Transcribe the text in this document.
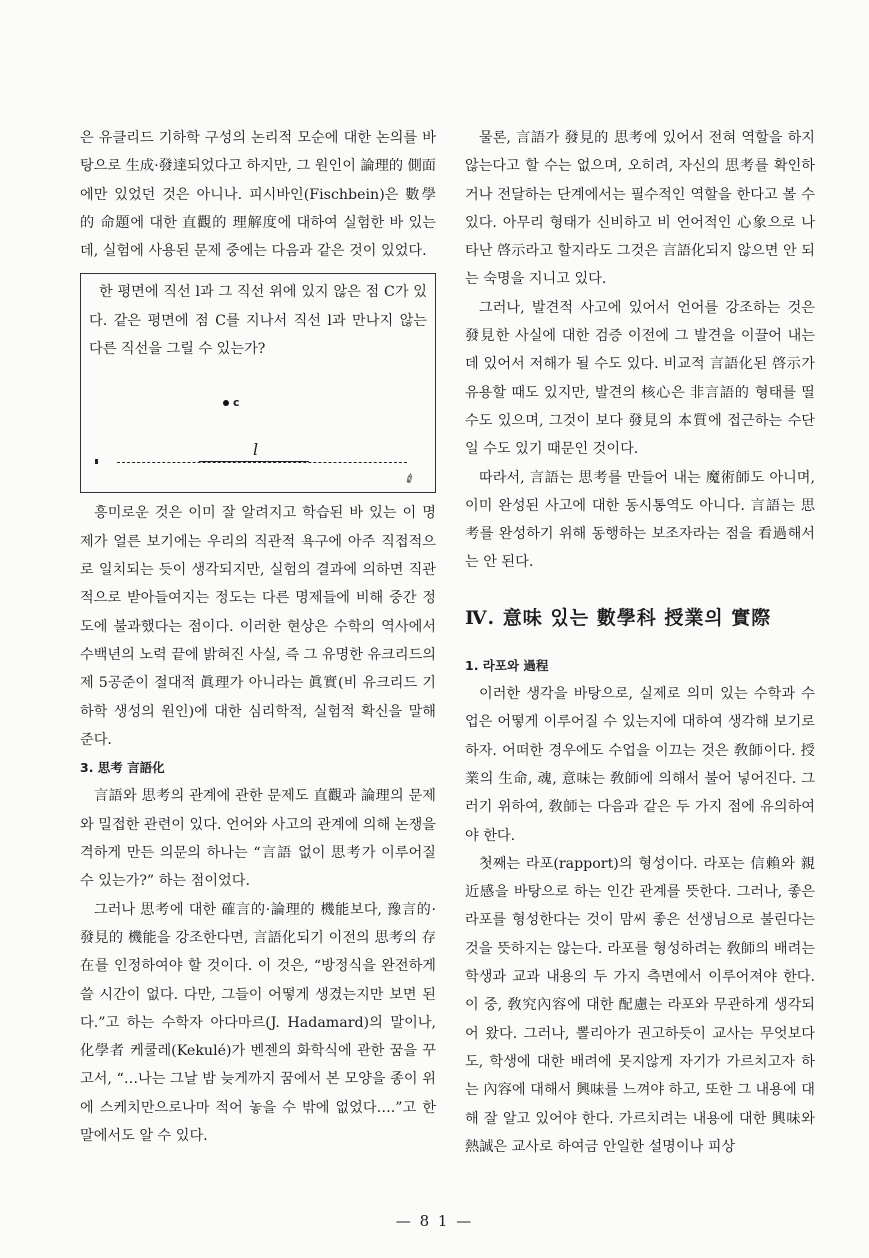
은 유클리드 기하학 구성의 논리적 모순에 대한 논의를 바탕으로 生成·發達되었다고 하지만, 그 원인이 論理的 側面에만 있었던 것은 아니나. 피시바인(Fischbein)은 數學的 命題에 대한 直觀的 理解度에 대하여 실험한 바 있는데, 실험에 사용된 문제 중에는 다음과 같은 것이 있었다.

한 평면에 직선 l과 그 직선 위에 있지 않은 점 C가 있다. 같은 평면에 점 C를 지나서 직선 l과 만나지 않는 다른 직선을 그릴 수 있는가?

c
l
✐

흥미로운 것은 이미 잘 알려지고 학습된 바 있는 이 명제가 얼른 보기에는 우리의 직관적 욕구에 아주 직접적으로 일치되는 듯이 생각되지만, 실험의 결과에 의하면 직관적으로 받아들여지는 정도는 다른 명제들에 비해 중간 정도에 불과했다는 점이다. 이러한 현상은 수학의 역사에서 수백년의 노력 끝에 밝혀진 사실, 즉 그 유명한 유크리드의 제 5공준이 절대적 眞理가 아니라는 眞實(비 유크리드 기하학 생성의 원인)에 대한 심리학적, 실험적 확신을 말해 준다.

3. 思考 言語化

言語와 思考의 관계에 관한 문제도 直觀과 論理의 문제와 밀접한 관련이 있다. 언어와 사고의 관계에 의해 논쟁을 격하게 만든 의문의 하나는 “言語 없이 思考가 이루어질 수 있는가?” 하는 점이었다.

그러나 思考에 대한 確言的·論理的 機能보다, 豫言的·發見的 機能을 강조한다면, 言語化되기 이전의 思考의 存在를 인정하여야 할 것이다. 이 것은, “방정식을 완전하게 쓸 시간이 없다. 다만, 그들이 어떻게 생겼는지만 보면 된다.”고 하는 수학자 아다마르(J. Hadamard)의 말이나, 化學者 케쿨레(Kekulé)가 벤젠의 화학식에 관한 꿈을 꾸고서, “…나는 그날 밤 늦게까지 꿈에서 본 모양을 종이 위에 스케치만으로나마 적어 놓을 수 밖에 없었다….”고 한 말에서도 알 수 있다.

물론, 言語가 發見的 思考에 있어서 전혀 역할을 하지 않는다고 할 수는 없으며, 오히려, 자신의 思考를 확인하거나 전달하는 단계에서는 필수적인 역할을 한다고 볼 수 있다. 아무리 형태가 신비하고 비 언어적인 心象으로 나타난 啓示라고 할지라도 그것은 言語化되지 않으면 안 되는 숙명을 지니고 있다.

그러나, 발견적 사고에 있어서 언어를 강조하는 것은 發見한 사실에 대한 검증 이전에 그 발견을 이끌어 내는 데 있어서 저해가 될 수도 있다. 비교적 言語化된 啓示가 유용할 때도 있지만, 발견의 核心은 非言語的 형태를 띨 수도 있으며, 그것이 보다 發見의 本質에 접근하는 수단일 수도 있기 때문인 것이다.

따라서, 言語는 思考를 만들어 내는 魔術師도 아니며, 이미 완성된 사고에 대한 동시통역도 아니다. 言語는 思考를 완성하기 위해 동행하는 보조자라는 점을 看過해서는 안 된다.

Ⅳ. 意味 있는 數學科 授業의 實際
1. 라포와 過程

이러한 생각을 바탕으로, 실제로 의미 있는 수학과 수업은 어떻게 이루어질 수 있는지에 대하여 생각해 보기로 하자. 어떠한 경우에도 수업을 이끄는 것은 敎師이다. 授業의 生命, 魂, 意味는 敎師에 의해서 불어 넣어진다. 그러기 위하여, 敎師는 다음과 같은 두 가지 점에 유의하여야 한다.

첫째는 라포(rapport)의 형성이다. 라포는 信賴와 親近感을 바탕으로 하는 인간 관계를 뜻한다. 그러나, 좋은 라포를 형성한다는 것이 맘씨 좋은 선생님으로 불린다는 것을 뜻하지는 않는다. 라포를 형성하려는 敎師의 배려는 학생과 교과 내용의 두 가지 측면에서 이루어져야 한다. 이 중, 敎究內容에 대한 配慮는 라포와 무관하게 생각되어 왔다. 그러나, 뽈리아가 권고하듯이 교사는 무엇보다도, 학생에 대한 배려에 못지않게 자기가 가르치고자 하는 內容에 대해서 興味를 느껴야 하고, 또한 그 내용에 대해 잘 알고 있어야 한다. 가르치려는 내용에 대한 興味와 熱誠은 교사로 하여금 안일한 설명이나 피상

— 8 1 —
